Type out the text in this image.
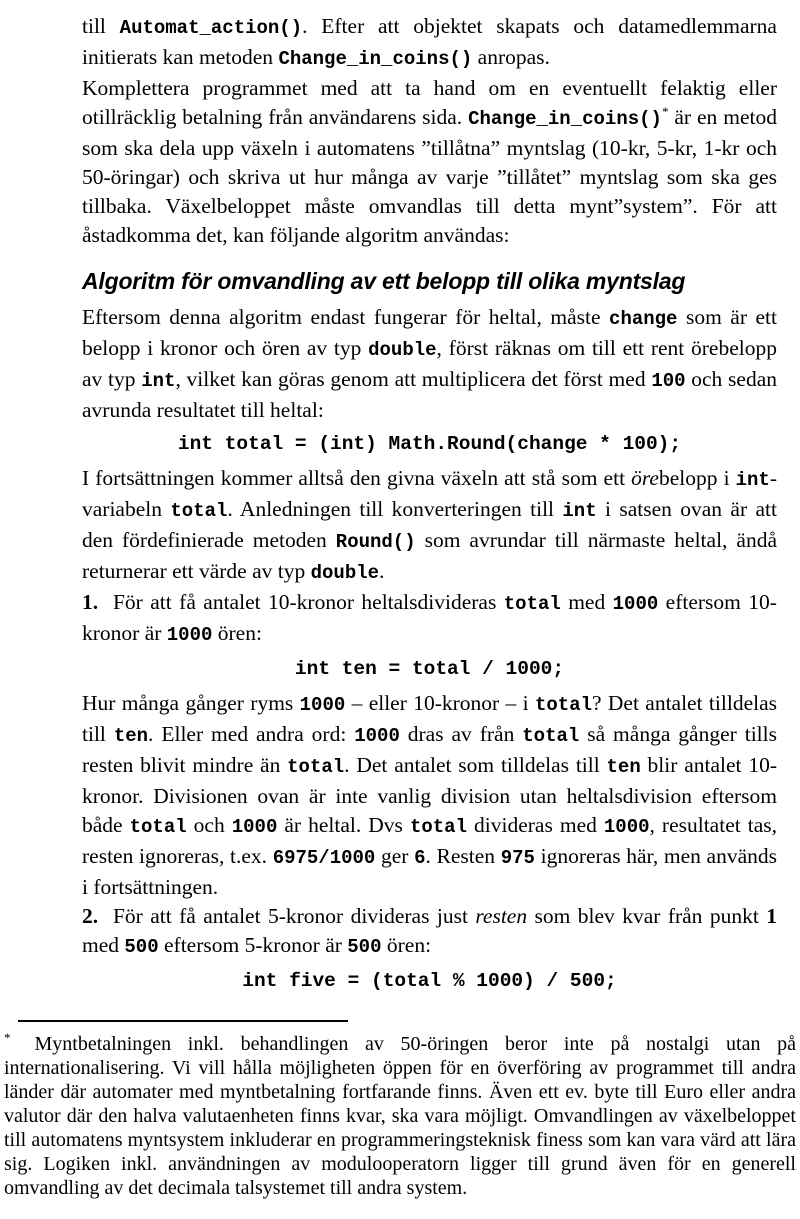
till Automat_action(). Efter att objektet skapats och datamedlemmarna initierats kan metoden Change_in_coins() anropas.

Komplettera programmet med att ta hand om en eventuellt felaktig eller otillräcklig betalning från användarens sida. Change_in_coins()* är en metod som ska dela upp växeln i automatens ”tillåtna” myntslag (10-kr, 5-kr, 1-kr och 50-öringar) och skriva ut hur många av varje ”tillåtet” myntslag som ska ges tillbaka. Växelbeloppet måste omvandlas till detta mynt”system”. För att åstadkomma det, kan följande algoritm användas:

Algoritm för omvandling av ett belopp till olika myntslag

Eftersom denna algoritm endast fungerar för heltal, måste change som är ett belopp i kronor och ören av typ double, först räknas om till ett rent örebelopp av typ int, vilket kan göras genom att multiplicera det först med 100 och sedan avrunda resultatet till heltal:

int total = (int) Math.Round(change * 100);

I fortsättningen kommer alltså den givna växeln att stå som ett örebelopp i int-variabeln total. Anledningen till konverteringen till int i satsen ovan är att den fördefinierade metoden Round() som avrundar till närmaste heltal, ändå returnerar ett värde av typ double.

1.  För att få antalet 10-kronor heltalsdivideras total med 1000 eftersom 10-kronor är 1000 ören:

int ten = total / 1000;

Hur många gånger ryms 1000 – eller 10-kronor – i total? Det antalet tilldelas till ten. Eller med andra ord: 1000 dras av från total så många gånger tills resten blivit mindre än total. Det antalet som tilldelas till ten blir antalet 10-kronor. Divisionen ovan är inte vanlig division utan heltalsdivision eftersom både total och 1000 är heltal. Dvs total divideras med 1000, resultatet tas, resten ignoreras, t.ex. 6975/1000 ger 6. Resten 975 ignoreras här, men används i fortsättningen.

2.  För att få antalet 5-kronor divideras just resten som blev kvar från punkt 1 med 500 eftersom 5-kronor är 500 ören:

int five = (total % 1000) / 500;

* Myntbetalningen inkl. behandlingen av 50-öringen beror inte på nostalgi utan på internationalisering. Vi vill hålla möjligheten öppen för en överföring av programmet till andra länder där automater med myntbetalning fortfarande finns. Även ett ev. byte till Euro eller andra valutor där den halva valutaenheten finns kvar, ska vara möjligt. Omvandlingen av växelbeloppet till automatens myntsystem inkluderar en programmeringsteknisk finess som kan vara värd att lära sig. Logiken inkl. användningen av modulooperatorn ligger till grund även för en generell omvandling av det decimala talsystemet till andra system.
